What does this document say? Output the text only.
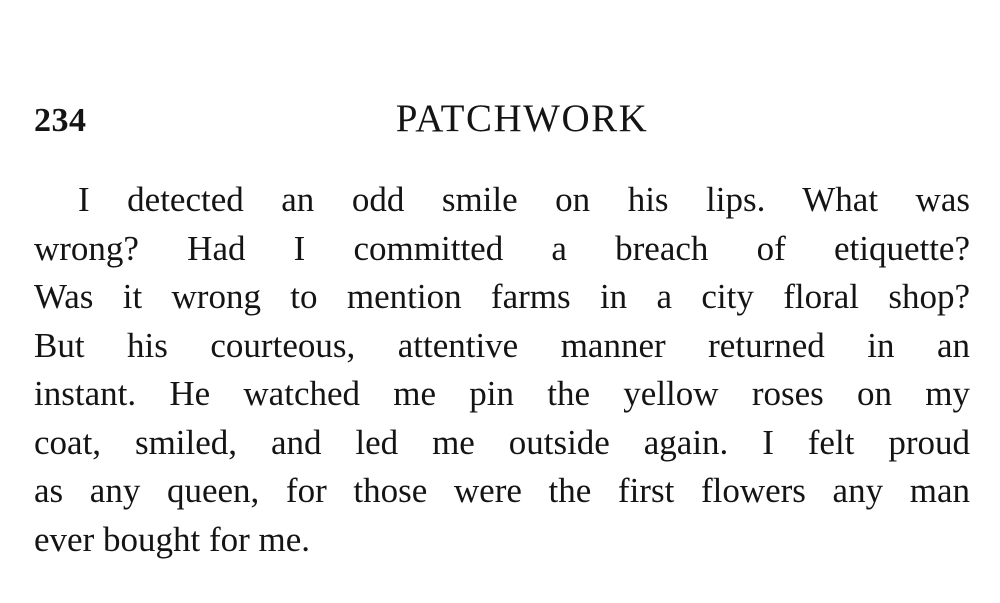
234	PATCHWORK
I detected an odd smile on his lips. What was
wrong? Had I committed a breach of etiquette?
Was it wrong to mention farms in a city floral shop?
But his courteous, attentive manner returned in an
instant. He watched me pin the yellow roses on my
coat, smiled, and led me outside again. I felt proud
as any queen, for those were the first flowers any man
ever bought for me.
